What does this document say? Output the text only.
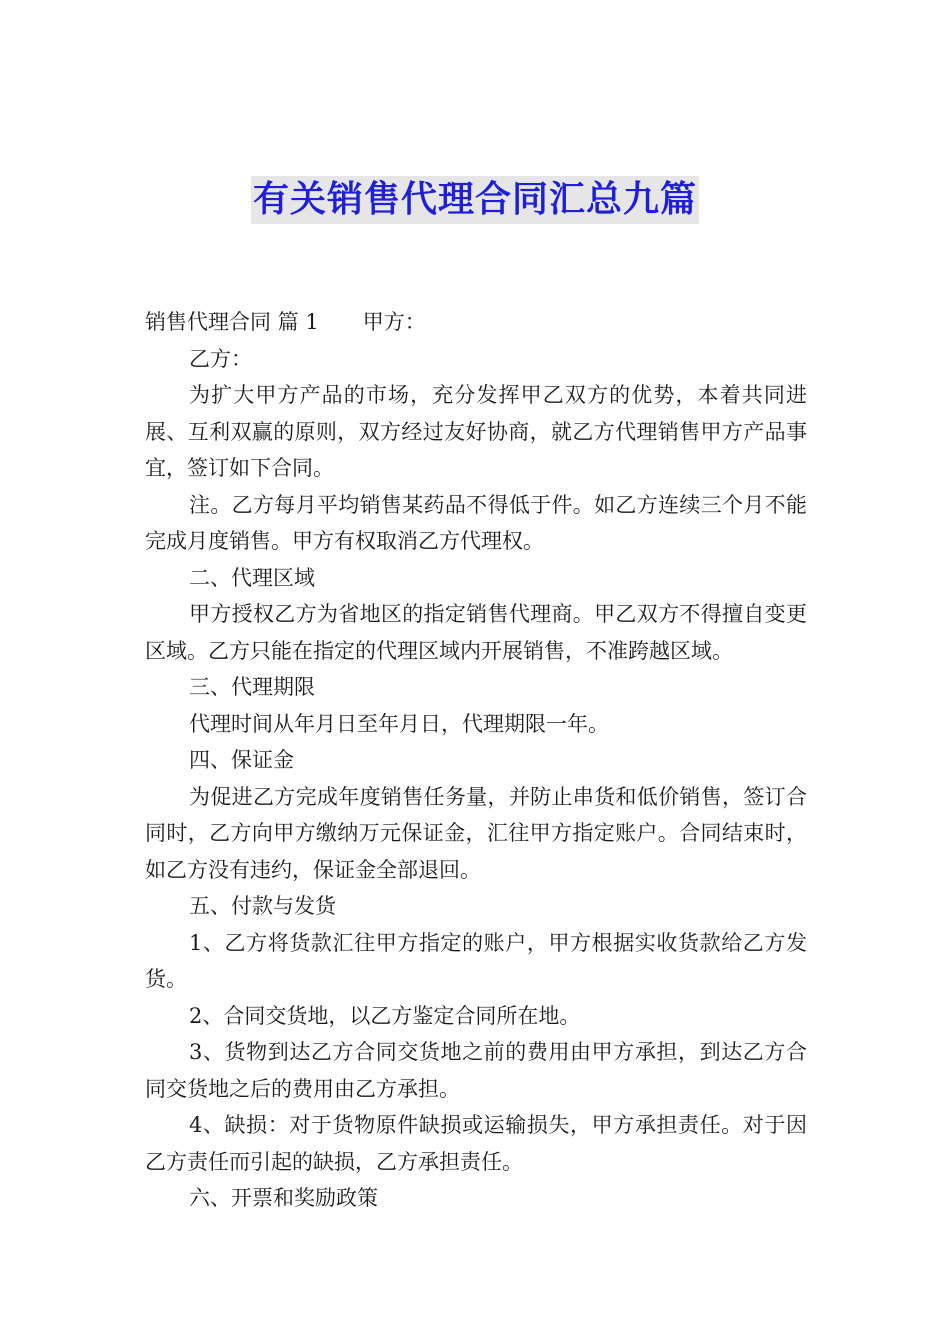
有关销售代理合同汇总九篇

销售代理合同 篇 1 甲方：

乙方：

为扩大甲方产品的市场，充分发挥甲乙双方的优势，本着共同进展、互利双赢的原则，双方经过友好协商，就乙方代理销售甲方产品事宜，签订如下合同。

注。乙方每月平均销售某药品不得低于件。如乙方连续三个月不能完成月度销售。甲方有权取消乙方代理权。

二、代理区域

甲方授权乙方为省地区的指定销售代理商。甲乙双方不得擅自变更区域。乙方只能在指定的代理区域内开展销售，不准跨越区域。

三、代理期限

代理时间从年月日至年月日，代理期限一年。

四、保证金

为促进乙方完成年度销售任务量，并防止串货和低价销售，签订合同时，乙方向甲方缴纳万元保证金，汇往甲方指定账户。合同结束时，如乙方没有违约，保证金全部退回。

五、付款与发货

1、乙方将货款汇往甲方指定的账户，甲方根据实收货款给乙方发货。

2、合同交货地，以乙方鉴定合同所在地。

3、货物到达乙方合同交货地之前的费用由甲方承担，到达乙方合同交货地之后的费用由乙方承担。

4、缺损：对于货物原件缺损或运输损失，甲方承担责任。对于因乙方责任而引起的缺损，乙方承担责任。

六、开票和奖励政策
